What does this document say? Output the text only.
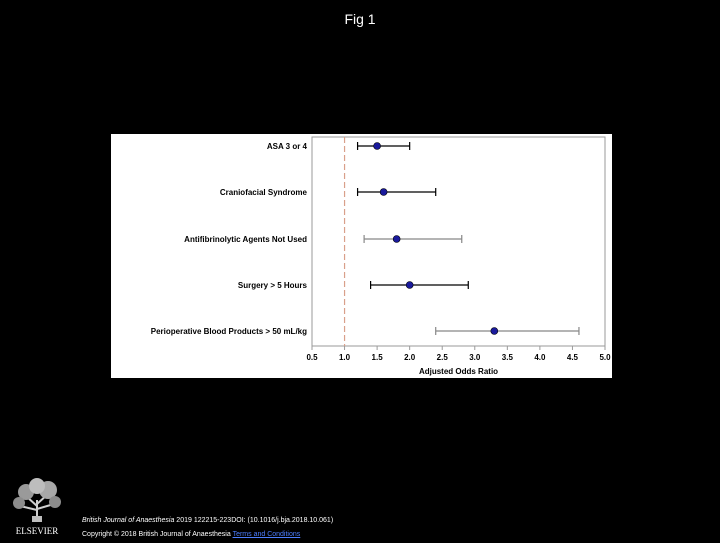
Fig 1
0.5	1.0	1.5	2.0	2.5	3.0	3.5	4.0	4.5	5.0
Adjusted Odds Ratio
ASA 3 or 4
Craniofacial Syndrome
Antifibrinolytic Agents Not Used
Surgery > 5 Hours
Perioperative Blood Products > 50 mL/kg
ELSEVIER
British Journal of Anaesthesia 2019 122215-223DOI: (10.1016/j.bja.2018.10.061)
Copyright © 2018 British Journal of Anaesthesia Terms and Conditions
